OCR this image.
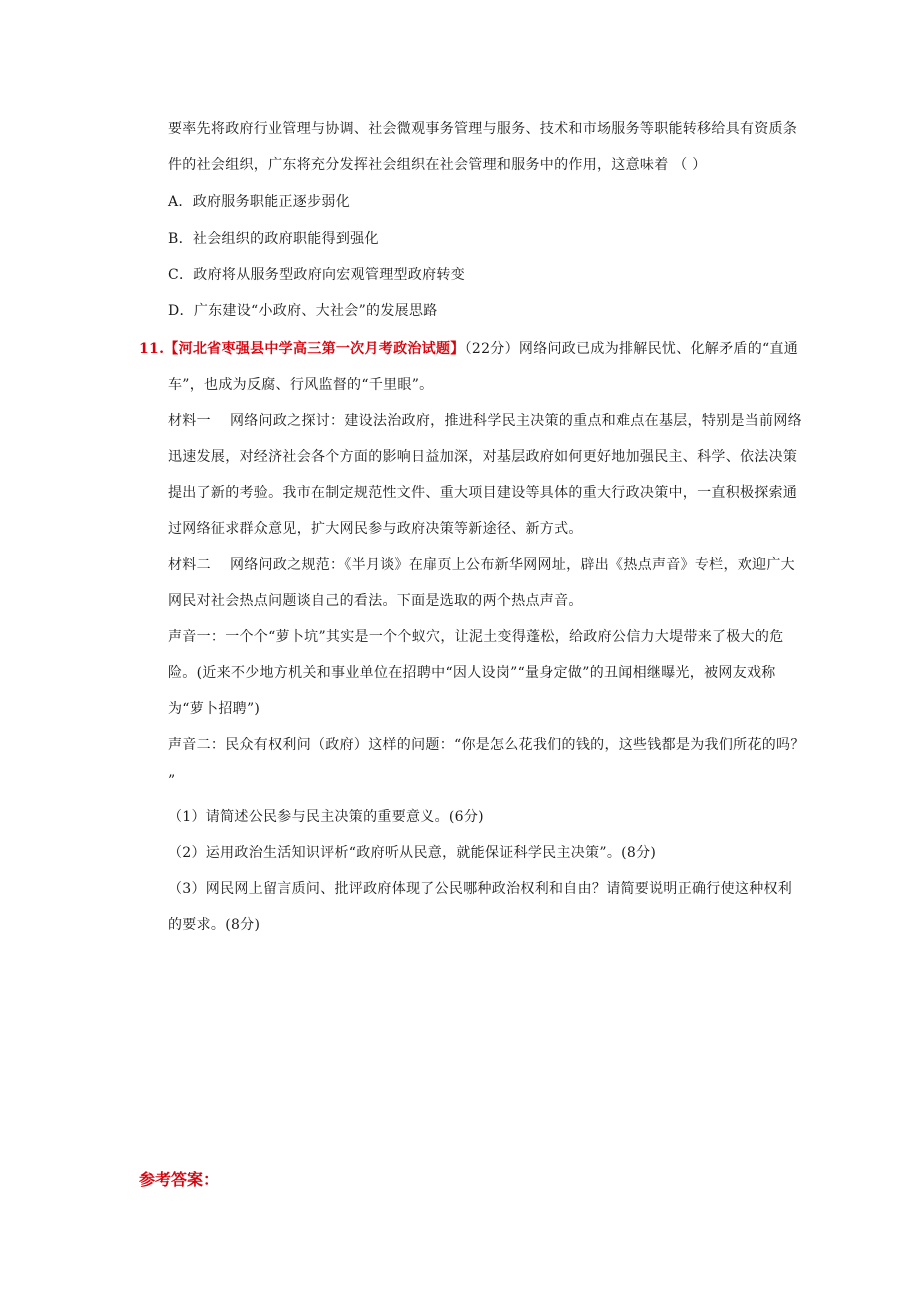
要率先将政府行业管理与协调、社会微观事务管理与服务、技术和市场服务等职能转移给具有资质条
件的社会组织，广东将充分发挥社会组织在社会管理和服务中的作用，这意味着 （ ）
A．政府服务职能正逐步弱化
B．社会组织的政府职能得到强化
C．政府将从服务型政府向宏观管理型政府转变
D．广东建设“小政府、大社会”的发展思路
11.【河北省枣强县中学高三第一次月考政治试题】（22分）网络问政已成为排解民忧、化解矛盾的“直通
车”，也成为反腐、行风监督的“千里眼”。
材料一　 网络问政之探讨：建设法治政府，推进科学民主决策的重点和难点在基层，特别是当前网络
迅速发展，对经济社会各个方面的影响日益加深，对基层政府如何更好地加强民主、科学、依法决策
提出了新的考验。我市在制定规范性文件、重大项目建设等具体的重大行政决策中，一直积极探索通
过网络征求群众意见，扩大网民参与政府决策等新途径、新方式。
材料二　 网络问政之规范：《半月谈》在扉页上公布新华网网址，辟出《热点声音》专栏，欢迎广大
网民对社会热点问题谈自己的看法。下面是选取的两个热点声音。
声音一：一个个“萝卜坑”其实是一个个蚁穴，让泥土变得蓬松，给政府公信力大堤带来了极大的危
险。(近来不少地方机关和事业单位在招聘中“因人设岗”“量身定做”的丑闻相继曝光，被网友戏称
为“萝卜招聘”)
声音二：民众有权利问（政府）这样的问题：“你是怎么花我们的钱的，这些钱都是为我们所花的吗？
”
（1）请简述公民参与民主决策的重要意义。(6分)
（2）运用政治生活知识评析“政府听从民意，就能保证科学民主决策”。(8分)
（3）网民网上留言质问、批评政府体现了公民哪种政治权利和自由？请简要说明正确行使这种权利
的要求。(8分)
参考答案：
